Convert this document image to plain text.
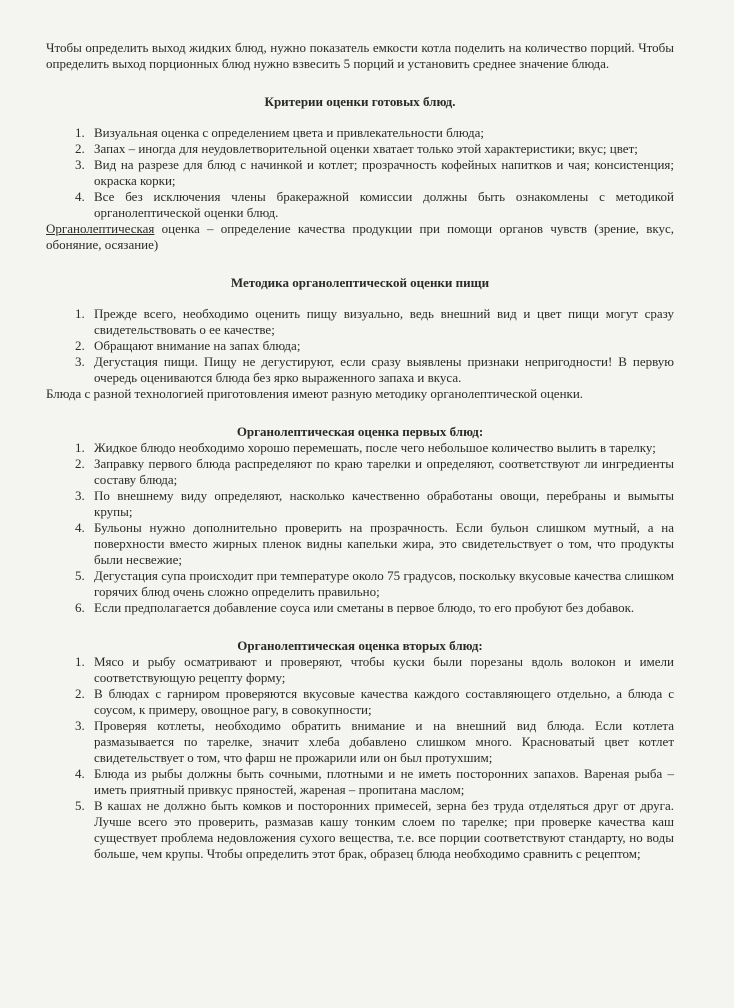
Чтобы определить выход жидких блюд, нужно показатель емкости котла поделить на количество порций. Чтобы определить выход порционных блюд нужно взвесить 5 порций и установить среднее значение блюда.

Критерии оценки готовых блюд.

1. Визуальная оценка с определением цвета и привлекательности блюда;
2. Запах – иногда для неудовлетворительной оценки хватает только этой характеристики; вкус; цвет;
3. Вид на разрезе для блюд с начинкой и котлет; прозрачность кофейных напитков и чая; консистенция; окраска корки;
4. Все без исключения члены бракеражной комиссии должны быть ознакомлены с методикой органолептической оценки блюд.

Органолептическая оценка – определение качества продукции при помощи органов чувств (зрение, вкус, обоняние, осязание)

Методика органолептической оценки пищи

1. Прежде всего, необходимо оценить пищу визуально, ведь внешний вид и цвет пищи могут сразу свидетельствовать о ее качестве;
2. Обращают внимание на запах блюда;
3. Дегустация пищи. Пищу не дегустируют, если сразу выявлены признаки непригодности! В первую очередь оцениваются блюда без ярко выраженного запаха и вкуса.

Блюда с разной технологией приготовления имеют разную методику органолептической оценки.

Органолептическая оценка первых блюд:

1. Жидкое блюдо необходимо хорошо перемешать, после чего небольшое количество вылить в тарелку;
2. Заправку первого блюда распределяют по краю тарелки и определяют, соответствуют ли ингредиенты составу блюда;
3. По внешнему виду определяют, насколько качественно обработаны овощи, перебраны и вымыты крупы;
4. Бульоны нужно дополнительно проверить на прозрачность. Если бульон слишком мутный, а на поверхности вместо жирных пленок видны капельки жира, это свидетельствует о том, что продукты были несвежие;
5. Дегустация супа происходит при температуре около 75 градусов, поскольку вкусовые качества слишком горячих блюд очень сложно определить правильно;
6. Если предполагается добавление соуса или сметаны в первое блюдо, то его пробуют без добавок.

Органолептическая оценка вторых блюд:

1. Мясо и рыбу осматривают и проверяют, чтобы куски были порезаны вдоль волокон и имели соответствующую рецепту форму;
2. В блюдах с гарниром проверяются вкусовые качества каждого составляющего отдельно, а блюда с соусом, к примеру, овощное рагу, в совокупности;
3. Проверяя котлеты, необходимо обратить внимание и на внешний вид блюда. Если котлета размазывается по тарелке, значит хлеба добавлено слишком много. Красноватый цвет котлет свидетельствует о том, что фарш не прожарили или он был протухшим;
4. Блюда из рыбы должны быть сочными, плотными и не иметь посторонних запахов. Вареная рыба – иметь приятный привкус пряностей, жареная – пропитана маслом;
5. В кашах не должно быть комков и посторонних примесей, зерна без труда отделяться друг от друга. Лучше всего это проверить, размазав кашу тонким слоем по тарелке; при проверке качества каш существует проблема недовложения сухого вещества, т.е. все порции соответствуют стандарту, но воды больше, чем крупы. Чтобы определить этот брак, образец блюда необходимо сравнить с рецептом;
